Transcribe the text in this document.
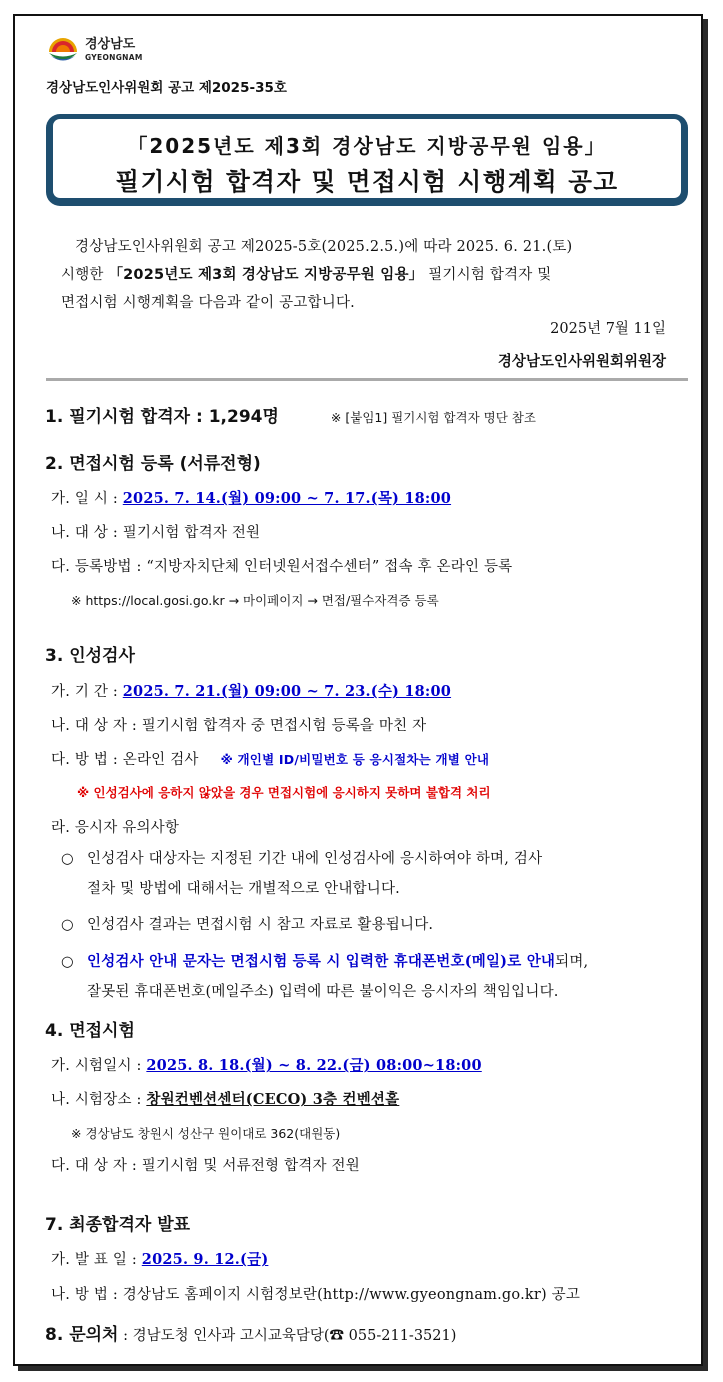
경상남도
GYEONGNAM
경상남도인사위원회 공고 제2025-35호
「2025년도 제3회 경상남도 지방공무원 임용」
필기시험 합격자 및 면접시험 시행계획 공고
경상남도인사위원회 공고 제2025-5호(2025.2.5.)에 따라 2025. 6. 21.(토)
시행한 「2025년도 제3회 경상남도 지방공무원 임용」 필기시험 합격자 및
면접시험 시행계획을 다음과 같이 공고합니다.
2025년 7월 11일
경상남도인사위원회위원장
1. 필기시험 합격자 : 1,294명	※ [붙임1] 필기시험 합격자 명단 참조
2. 면접시험 등록 (서류전형)
가. 일 시 : 2025. 7. 14.(월) 09:00 ~ 7. 17.(목) 18:00
나. 대 상 : 필기시험 합격자 전원
다. 등록방법 : “지방자치단체 인터넷원서접수센터” 접속 후 온라인 등록
※ https://local.gosi.go.kr → 마이페이지 → 면접/필수자격증 등록
3. 인성검사
가. 기 간 : 2025. 7. 21.(월) 09:00 ~ 7. 23.(수) 18:00
나. 대 상 자 : 필기시험 합격자 중 면접시험 등록을 마친 자
다. 방 법 : 온라인 검사 ※ 개인별 ID/비밀번호 등 응시절차는 개별 안내
※ 인성검사에 응하지 않았을 경우 면접시험에 응시하지 못하며 불합격 처리
라. 응시자 유의사항
○ 인성검사 대상자는 지정된 기간 내에 인성검사에 응시하여야 하며, 검사
절차 및 방법에 대해서는 개별적으로 안내합니다.
○ 인성검사 결과는 면접시험 시 참고 자료로 활용됩니다.
○ 인성검사 안내 문자는 면접시험 등록 시 입력한 휴대폰번호(메일)로 안내되며,
잘못된 휴대폰번호(메일주소) 입력에 따른 불이익은 응시자의 책임입니다.
4. 면접시험
가. 시험일시 : 2025. 8. 18.(월) ~ 8. 22.(금) 08:00~18:00
나. 시험장소 : 창원컨벤션센터(CECO) 3층 컨벤션홀
※ 경상남도 창원시 성산구 원이대로 362(대원동)
다. 대 상 자 : 필기시험 및 서류전형 합격자 전원
7. 최종합격자 발표
가. 발 표 일 : 2025. 9. 12.(금)
나. 방 법 : 경상남도 홈페이지 시험정보란(http://www.gyeongnam.go.kr) 공고
8. 문의처 : 경남도청 인사과 고시교육담당(☎ 055-211-3521)
